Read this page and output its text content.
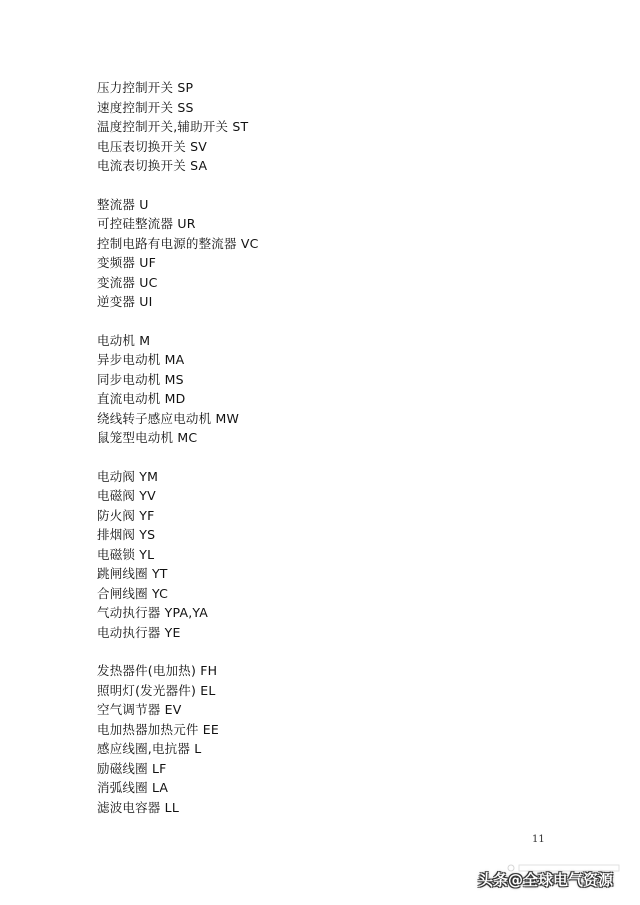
压力控制开关 SP
速度控制开关 SS
温度控制开关,辅助开关 ST
电压表切换开关 SV
电流表切换开关 SA
整流器 U
可控硅整流器 UR
控制电路有电源的整流器 VC
变频器 UF
变流器 UC
逆变器 UI
电动机 M
异步电动机 MA
同步电动机 MS
直流电动机 MD
绕线转子感应电动机 MW
鼠笼型电动机 MC
电动阀 YM
电磁阀 YV
防火阀 YF
排烟阀 YS
电磁锁 YL
跳闸线圈 YT
合闸线圈 YC
气动执行器 YPA,YA
电动执行器 YE
发热器件(电加热) FH
照明灯(发光器件) EL
空气调节器 EV
电加热器加热元件 EE
感应线圈,电抗器 L
励磁线圈 LF
消弧线圈 LA
滤波电容器 LL
11
头条@全球电气资源
